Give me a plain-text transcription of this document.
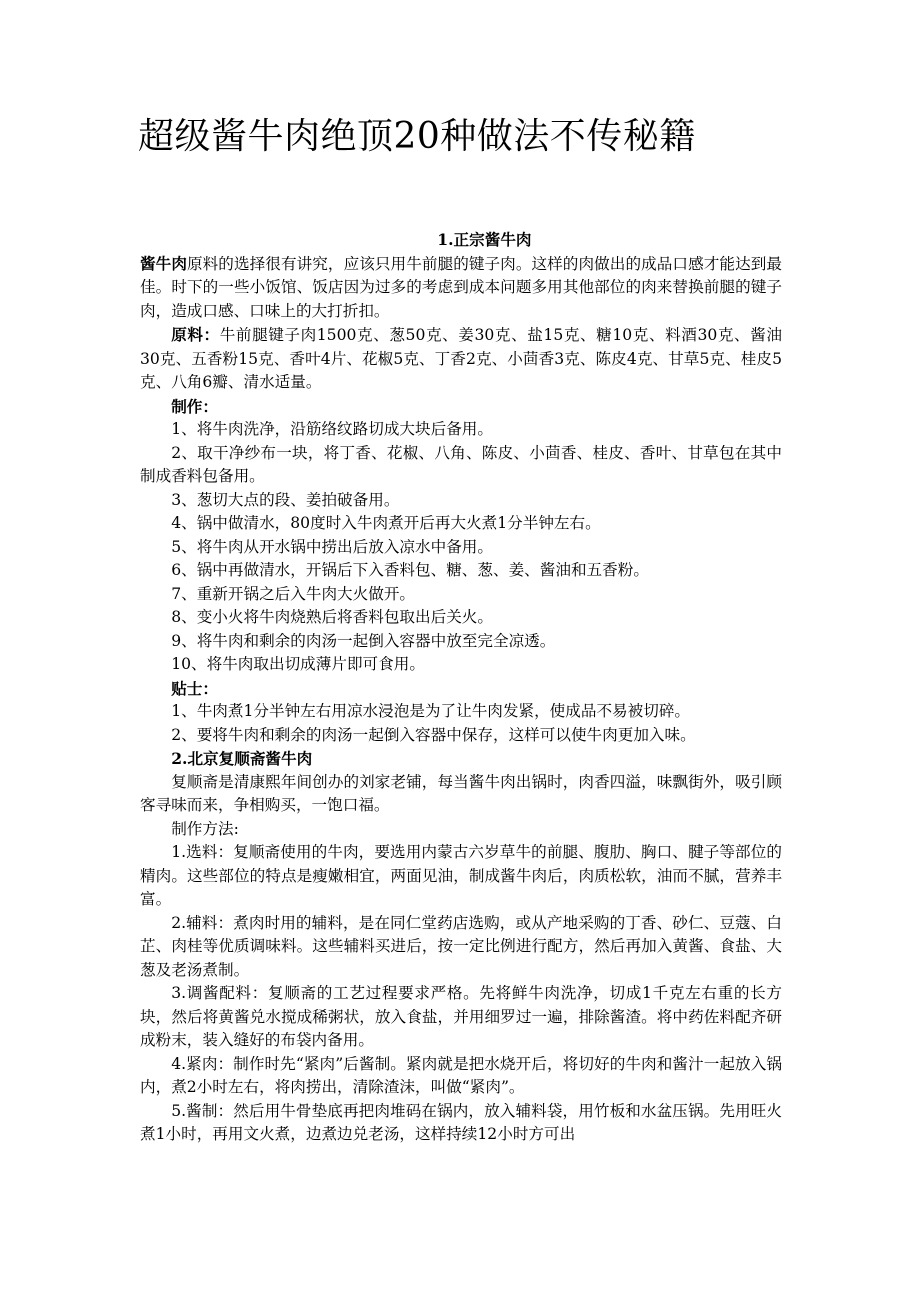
超级酱牛肉绝顶20种做法不传秘籍

1.正宗酱牛肉

酱牛肉原料的选择很有讲究，应该只用牛前腿的键子肉。这样的肉做出的成品口感才能达到最佳。时下的一些小饭馆、饭店因为过多的考虑到成本问题多用其他部位的肉来替换前腿的键子肉，造成口感、口味上的大打折扣。

原料：牛前腿键子肉1500克、葱50克、姜30克、盐15克、糖10克、料酒30克、酱油30克、五香粉15克、香叶4片、花椒5克、丁香2克、小茴香3克、陈皮4克、甘草5克、桂皮5克、八角6瓣、清水适量。

制作：

1、将牛肉洗净，沿筋络纹路切成大块后备用。

2、取干净纱布一块，将丁香、花椒、八角、陈皮、小茴香、桂皮、香叶、甘草包在其中制成香料包备用。

3、葱切大点的段、姜拍破备用。

4、锅中做清水，80度时入牛肉煮开后再大火煮1分半钟左右。

5、将牛肉从开水锅中捞出后放入凉水中备用。

6、锅中再做清水，开锅后下入香料包、糖、葱、姜、酱油和五香粉。

7、重新开锅之后入牛肉大火做开。

8、变小火将牛肉烧熟后将香料包取出后关火。

9、将牛肉和剩余的肉汤一起倒入容器中放至完全凉透。

10、将牛肉取出切成薄片即可食用。

贴士：

1、牛肉煮1分半钟左右用凉水浸泡是为了让牛肉发紧，使成品不易被切碎。

2、要将牛肉和剩余的肉汤一起倒入容器中保存，这样可以使牛肉更加入味。

2.北京复顺斋酱牛肉

复顺斋是清康熙年间创办的刘家老铺，每当酱牛肉出锅时，肉香四溢，味飘街外，吸引顾客寻味而来，争相购买，一饱口福。

制作方法:

1.选料：复顺斋使用的牛肉，要选用内蒙古六岁草牛的前腿、腹肋、胸口、腱子等部位的精肉。这些部位的特点是瘦嫩相宜，两面见油，制成酱牛肉后，肉质松软，油而不腻，营养丰富。

2.辅料：煮肉时用的辅料，是在同仁堂药店选购，或从产地采购的丁香、砂仁、豆蔻、白芷、肉桂等优质调味料。这些辅料买进后，按一定比例进行配方，然后再加入黄酱、食盐、大葱及老汤煮制。

3.调酱配料：复顺斋的工艺过程要求严格。先将鲜牛肉洗净，切成1千克左右重的长方块，然后将黄酱兑水搅成稀粥状，放入食盐，并用细罗过一遍，排除酱渣。将中药佐料配齐研成粉末，装入缝好的布袋内备用。

4.紧肉：制作时先“紧肉”后酱制。紧肉就是把水烧开后，将切好的牛肉和酱汁一起放入锅内，煮2小时左右，将肉捞出，清除渣沫，叫做“紧肉”。

5.酱制：然后用牛骨垫底再把肉堆码在锅内，放入辅料袋，用竹板和水盆压锅。先用旺火煮1小时，再用文火煮，边煮边兑老汤，这样持续12小时方可出
